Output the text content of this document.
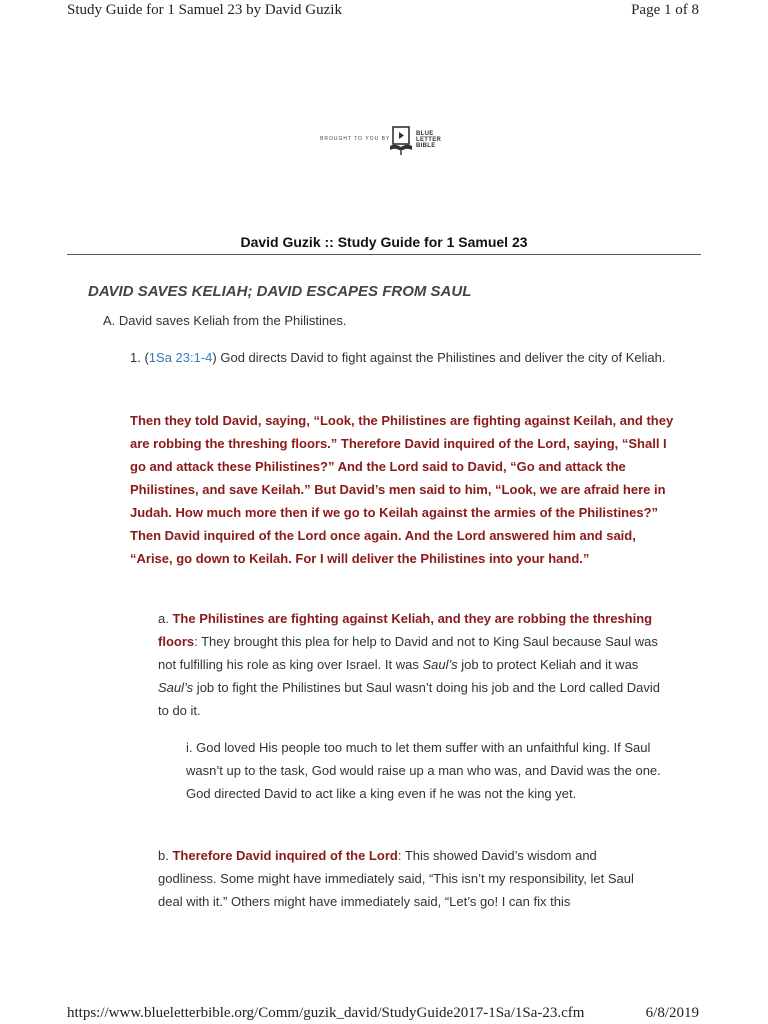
Study Guide for 1 Samuel 23 by David Guzik	Page 1 of 8
BROUGHT TO YOU BY
BLUE
LETTER
BIBLE
David Guzik :: Study Guide for 1 Samuel 23
DAVID SAVES KELIAH; DAVID ESCAPES FROM SAUL
A. David saves Keliah from the Philistines.
1. (1Sa 23:1-4) God directs David to fight against the Philistines and deliver the city of Keliah.
Then they told David, saying, “Look, the Philistines are fighting against Keilah, and they are robbing the threshing floors.” Therefore David inquired of the Lord, saying, “Shall I go and attack these Philistines?” And the Lord said to David, “Go and attack the Philistines, and save Keilah.” But David’s men said to him, “Look, we are afraid here in Judah. How much more then if we go to Keilah against the armies of the Philistines?” Then David inquired of the Lord once again. And the Lord answered him and said, “Arise, go down to Keilah. For I will deliver the Philistines into your hand.”
a. The Philistines are fighting against Keliah, and they are robbing the threshing floors: They brought this plea for help to David and not to King Saul because Saul was not fulfilling his role as king over Israel. It was Saul’s job to protect Keliah and it was Saul’s job to fight the Philistines but Saul wasn’t doing his job and the Lord called David to do it.
i. God loved His people too much to let them suffer with an unfaithful king. If Saul wasn’t up to the task, God would raise up a man who was, and David was the one. God directed David to act like a king even if he was not the king yet.
b. Therefore David inquired of the Lord: This showed David’s wisdom and godliness. Some might have immediately said, “This isn’t my responsibility, let Saul deal with it.” Others might have immediately said, “Let’s go! I can fix this
https://www.blueletterbible.org/Comm/guzik_david/StudyGuide2017-1Sa/1Sa-23.cfm	6/8/2019
